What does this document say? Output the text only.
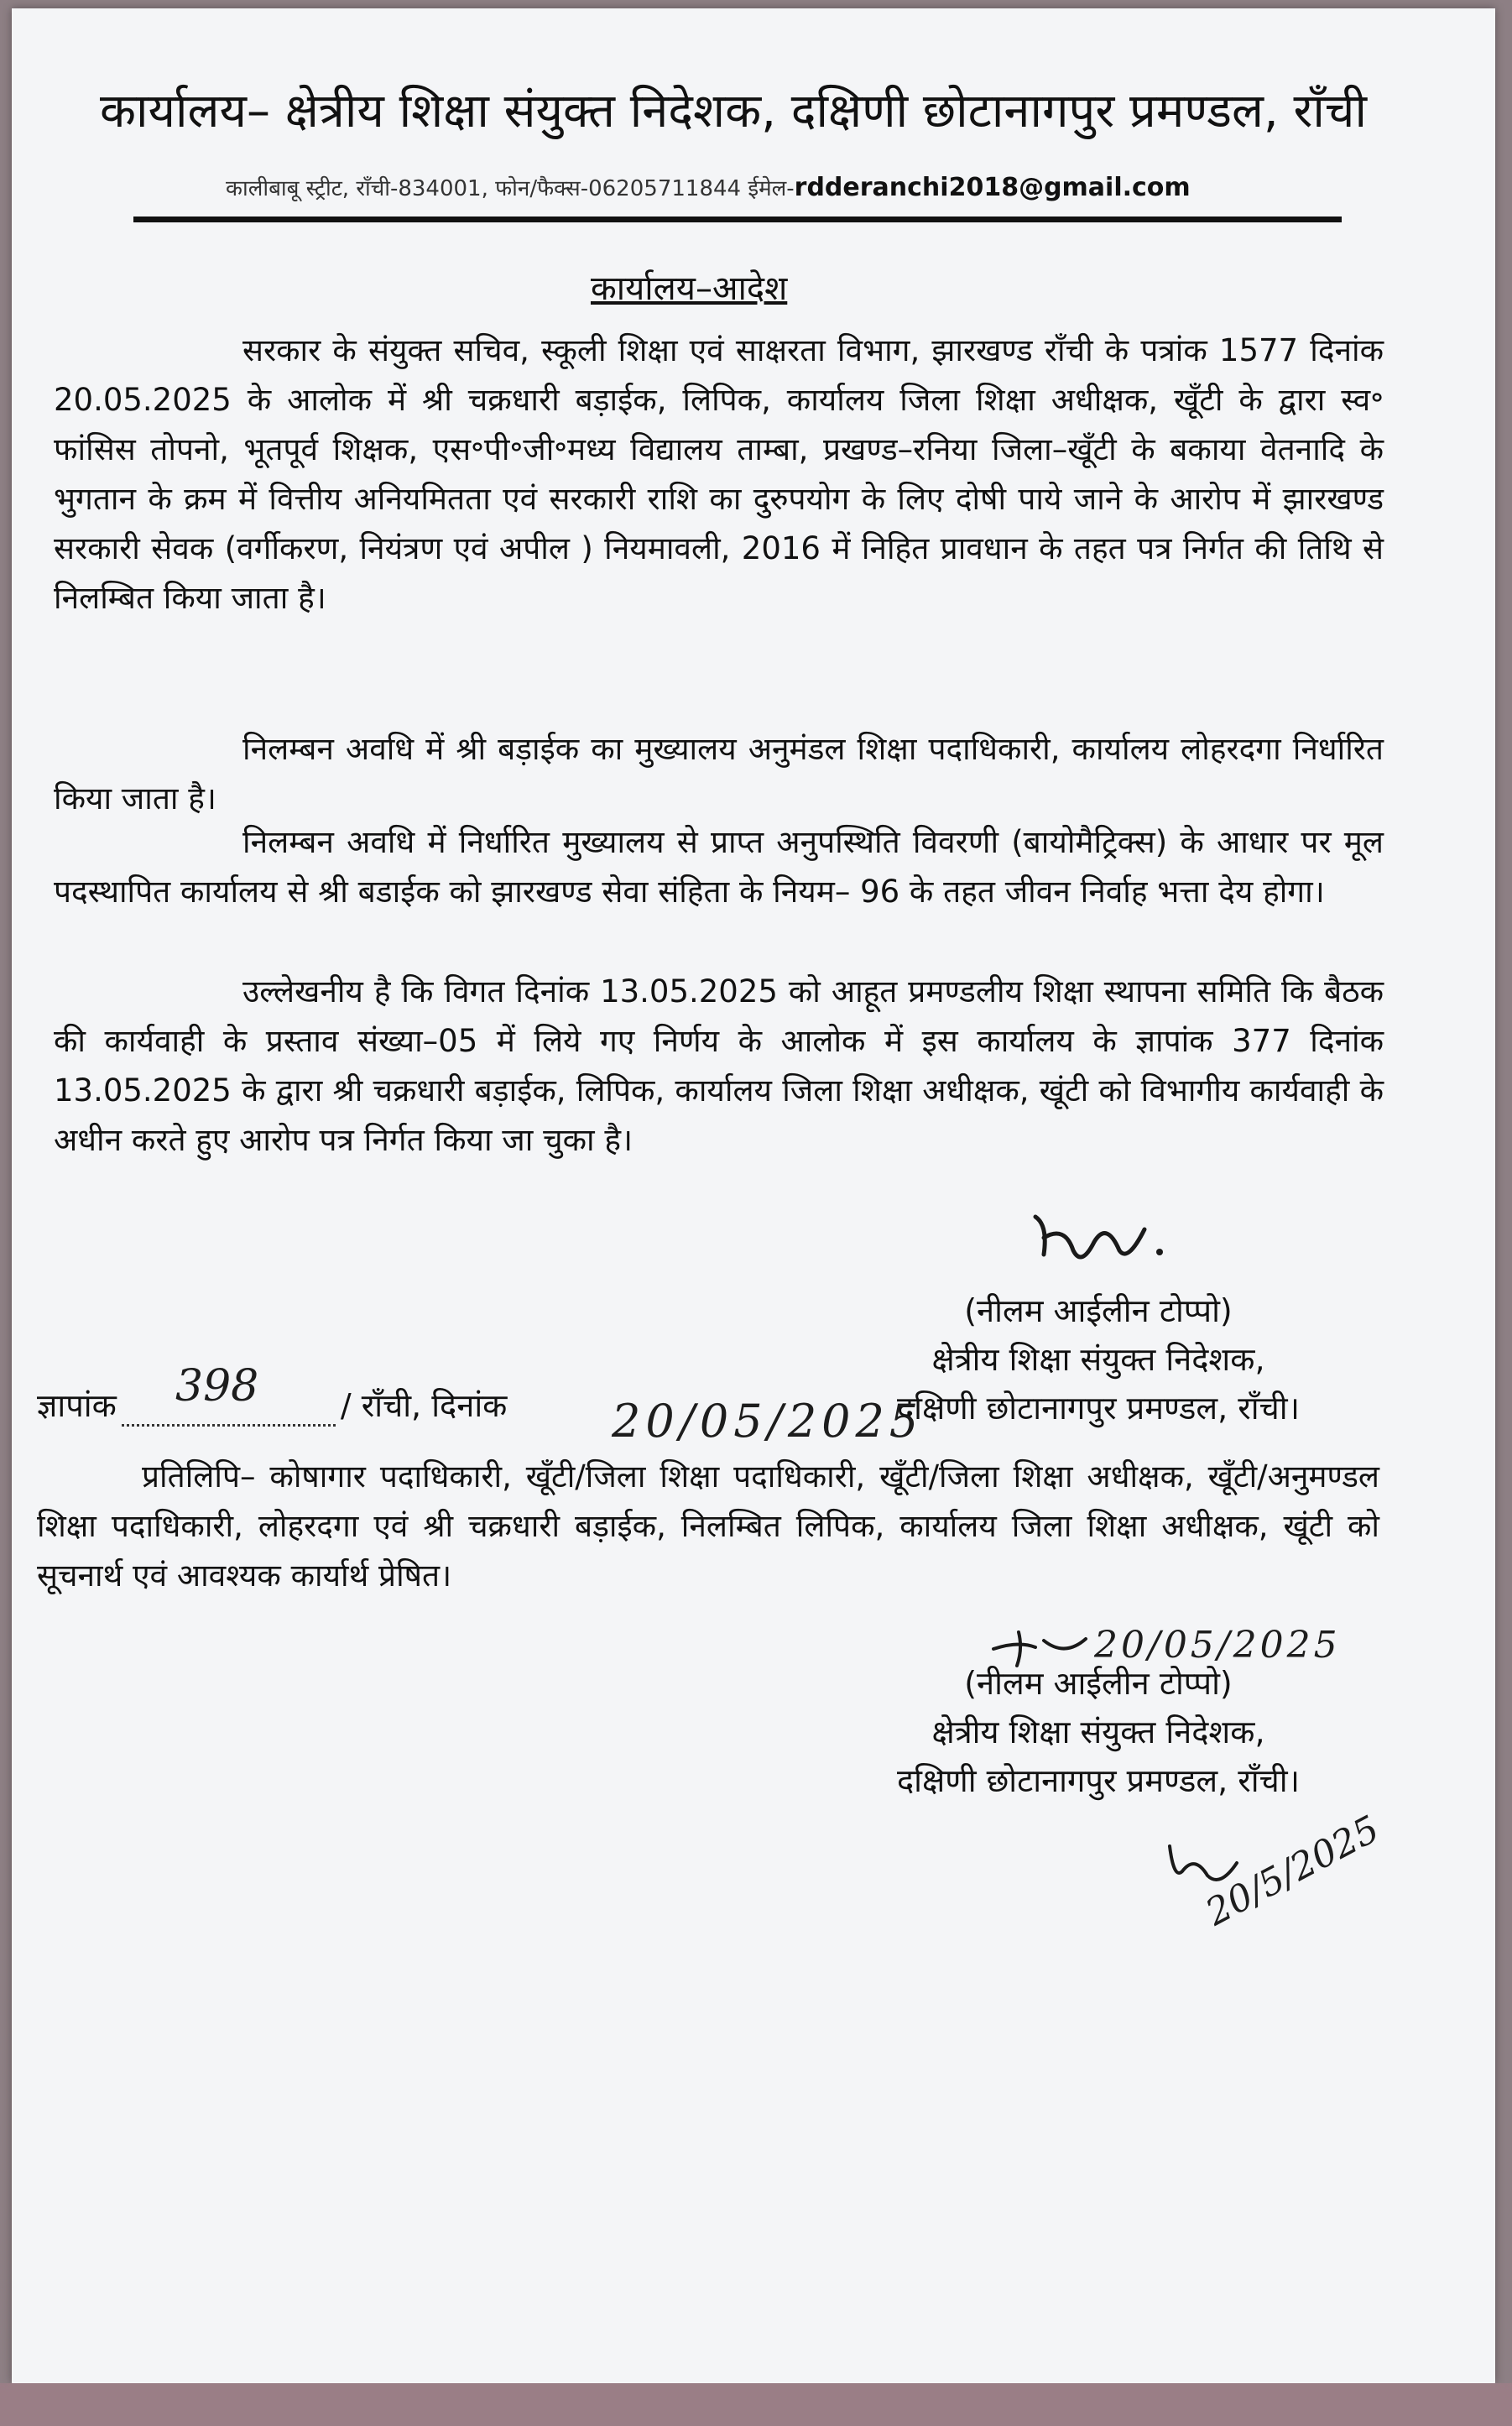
कार्यालय– क्षेत्रीय शिक्षा संयुक्त निदेशक, दक्षिणी छोटानागपुर प्रमण्डल, राँची
कालीबाबू स्ट्रीट, राँची-834001, फोन/फैक्स-06205711844 ईमेल-rdderanchi2018@gmail.com
कार्यालय–आदेश
सरकार के संयुक्त सचिव, स्कूली शिक्षा एवं साक्षरता विभाग, झारखण्ड राँची के पत्रांक 1577 दिनांक 20.05.2025 के आलोक में श्री चक्रधारी बड़ाईक, लिपिक, कार्यालय जिला शिक्षा अधीक्षक, खूँटी के द्वारा स्व॰ फांसिस तोपनो, भूतपूर्व शिक्षक, एस॰पी॰जी॰मध्य विद्यालय ताम्बा, प्रखण्ड–रनिया जिला–खूँटी के बकाया वेतनादि के भुगतान के क्रम में वित्तीय अनियमितता एवं सरकारी राशि का दुरुपयोग के लिए दोषी पाये जाने के आरोप में झारखण्ड सरकारी सेवक (वर्गीकरण, नियंत्रण एवं अपील ) नियमावली, 2016 में निहित प्रावधान के तहत पत्र निर्गत की तिथि से निलम्बित किया जाता है।
निलम्बन अवधि में श्री बड़ाईक का मुख्यालय अनुमंडल शिक्षा पदाधिकारी, कार्यालय लोहरदगा निर्धारित किया जाता है।
निलम्बन अवधि में निर्धारित मुख्यालय से प्राप्त अनुपस्थिति विवरणी (बायोमैट्रिक्स) के आधार पर मूल पदस्थापित कार्यालय से श्री बडाईक को झारखण्ड सेवा संहिता के नियम– 96 के तहत जीवन निर्वाह भत्ता देय होगा।
उल्लेखनीय है कि विगत दिनांक 13.05.2025 को आहूत प्रमण्डलीय शिक्षा स्थापना समिति कि बैठक की कार्यवाही के प्रस्ताव संख्या–05 में लिये गए निर्णय के आलोक में इस कार्यालय के ज्ञापांक 377 दिनांक 13.05.2025 के द्वारा श्री चक्रधारी बड़ाईक, लिपिक, कार्यालय जिला शिक्षा अधीक्षक, खूंटी को विभागीय कार्यवाही के अधीन करते हुए आरोप पत्र निर्गत किया जा चुका है।
(नीलम आईलीन टोप्पो)
क्षेत्रीय शिक्षा संयुक्त निदेशक,
दक्षिणी छोटानागपुर प्रमण्डल, राँची।
ज्ञापांक	/ राँची, दिनांक
398
20/05/2025
प्रतिलिपि– कोषागार पदाधिकारी, खूँटी/जिला शिक्षा पदाधिकारी, खूँटी/जिला शिक्षा अधीक्षक, खूँटी/अनुमण्डल शिक्षा पदाधिकारी, लोहरदगा एवं श्री चक्रधारी बड़ाईक, निलम्बित लिपिक, कार्यालय जिला शिक्षा अधीक्षक, खूंटी को सूचनार्थ एवं आवश्यक कार्यार्थ प्रेषित।
20/05/2025
(नीलम आईलीन टोप्पो)
क्षेत्रीय शिक्षा संयुक्त निदेशक,
दक्षिणी छोटानागपुर प्रमण्डल, राँची।
20/5/2025
